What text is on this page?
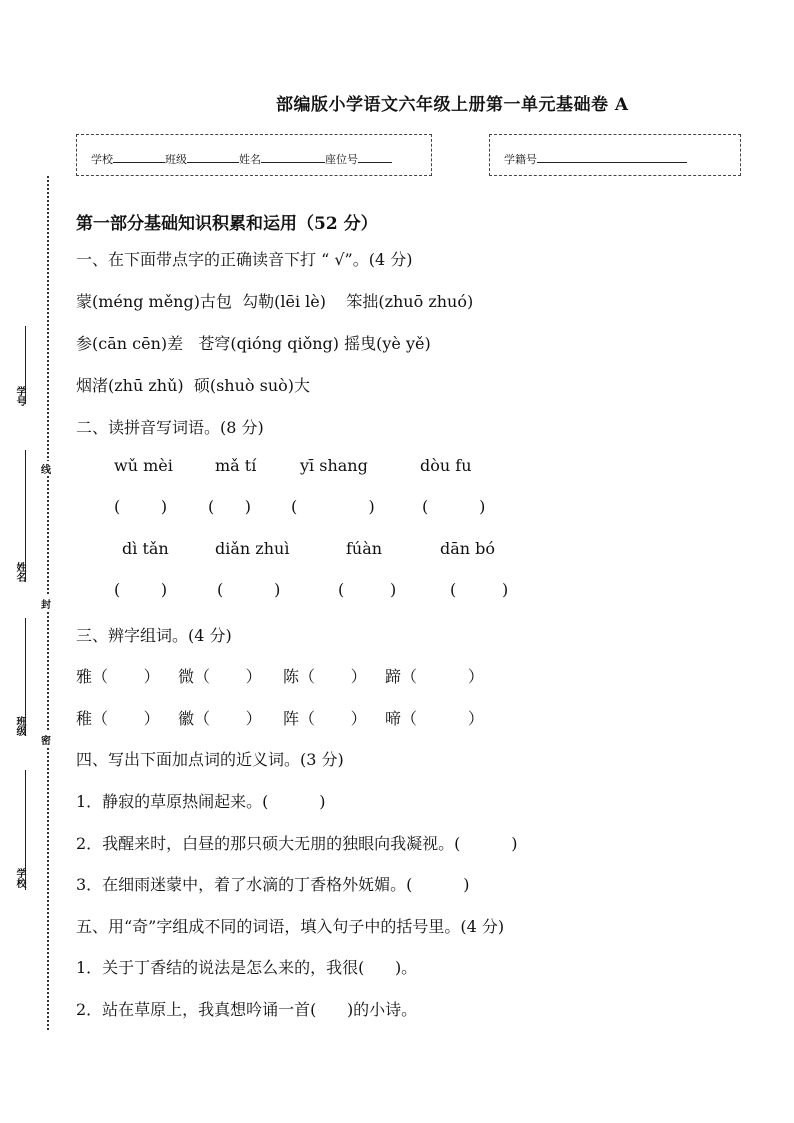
部编版小学语文六年级上册第一单元基础卷 A
学校	班级	姓名	座位号	学籍号
学号
姓名
班级
学校
线
封
密
第一部分基础知识积累和运用（52 分）
一、在下面带点字的正确读音下打 “ √”。(4 分)
蒙(méng měng)古包  勾勒(lēi lè)    笨拙(zhuō zhuó)
参(cān cēn)差   苍穹(qióng qiǒng) 摇曳(yè yě)
烟渚(zhū zhǔ)  硕(shuò suò)大
二、读拼音写词语。(8 分)
wǔ mèi	mǎ tí	yī shang	dòu fu
(        )	(      )	(              )	(          )
dì tǎn	diǎn zhuì	fúàn	dān bó
(        )	(          )	(         )	(         )
三、辨字组词。(4 分)
雅（       ） 微（       ） 陈（       ） 蹄（          ）
稚（       ） 徽（       ） 阵（       ） 啼（          ）
四、写出下面加点词的近义词。(3 分)
1．静寂的草原热闹起来。(          )
2．我醒来时，白昼的那只硕大无朋的独眼向我凝视。(          )
3．在细雨迷蒙中，着了水滴的丁香格外妩媚。(          )
五、用“奇”字组成不同的词语，填入句子中的括号里。(4 分)
1．关于丁香结的说法是怎么来的，我很(      )。
2．站在草原上，我真想吟诵一首(      )的小诗。
